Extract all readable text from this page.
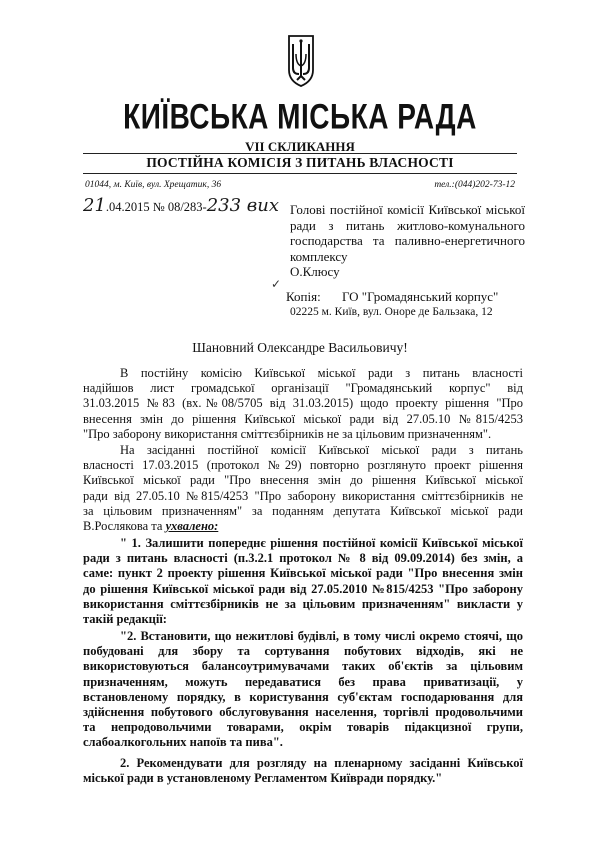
КИЇВСЬКА МІСЬКА РАДА
VII СКЛИКАННЯ
ПОСТІЙНА КОМІСІЯ З ПИТАНЬ ВЛАСНОСТІ
01044, м. Київ, вул. Хрещатик, 36	тел.:(044)202-73-12
21 .04.2015 № 08/283- 233 вих Голові постійної комісії Київської міської
ради з питань житлово-комунального
господарства та паливно-енергетичного
комплексу
О.Клюсу
✓
Копія: ГО "Громадянський корпус"
02225 м. Київ, вул. Оноре де Бальзака, 12
Шановний Олександре Васильовичу!
В постійну комісію Київської міської ради з питань власності
надійшов лист громадської організації "Громадянський корпус" від
31.03.2015 №83 (вх.№08/5705 від 31.03.2015) щодо проекту рішення "Про
внесення змін до рішення Київської міської ради від 27.05.10 №815/4253
"Про заборону використання сміттєзбірників не за цільовим призначенням".
На засіданні постійної комісії Київської міської ради з питань
власності 17.03.2015 (протокол №29) повторно розглянуто проект рішення
Київської міської ради "Про внесення змін до рішення Київської міської
ради від 27.05.10 №815/4253 "Про заборону використання сміттєзбірників не
за цільовим призначенням" за поданням депутата Київської міської ради
В.Рослякова та ухвалено:
" 1. Залишити попереднє рішення постійної комісії Київської міської
ради з питань власності (п.3.2.1 протокол № 8 від 09.09.2014) без змін, а
саме: пункт 2 проекту рішення Київської міської ради "Про внесення змін
до рішення Київської міської ради від 27.05.2010 №815/4253 "Про заборону
використання сміттєзбірників не за цільовим призначенням" викласти у
такій редакції:
"2. Встановити, що нежитлові будівлі, в тому числі окремо стоячі, що
побудовані для збору та сортування побутових відходів, які не
використовуються балансоутримувачами таких об'єктів за цільовим
призначенням, можуть передаватися без права приватизації, у
встановленому порядку, в користування суб'єктам господарювання для
здійснення побутового обслуговування населення, торгівлі продовольчими
та непродовольчими товарами, окрім товарів підакцизної групи,
слабоалкогольних напоїв та пива".
2. Рекомендувати для розгляду на пленарному засіданні Київської
міської ради в установленому Регламентом Київради порядку."
